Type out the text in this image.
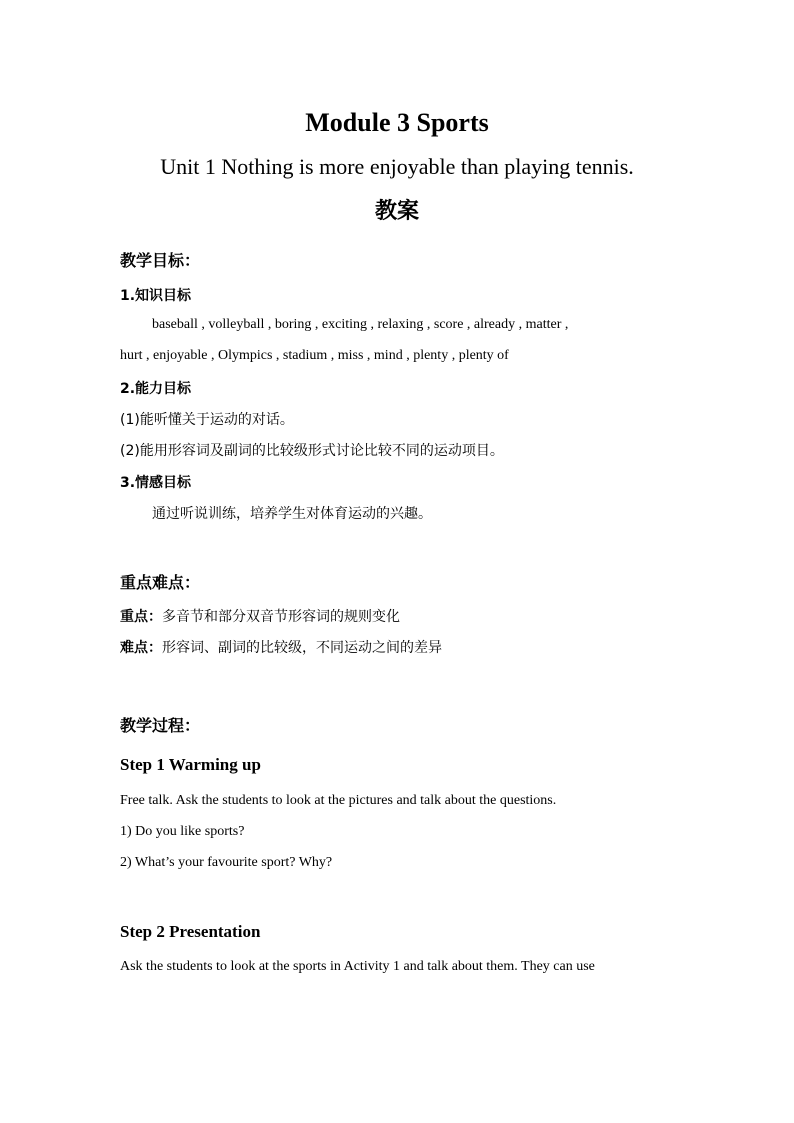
Module 3 Sports
Unit 1 Nothing is more enjoyable than playing tennis.
教案
教学目标：
1.知识目标
baseball , volleyball , boring , exciting , relaxing , score , already , matter ,
hurt , enjoyable , Olympics , stadium , miss , mind , plenty , plenty of
2.能力目标
(1)能听懂关于运动的对话。
(2)能用形容词及副词的比较级形式讨论比较不同的运动项目。
3.情感目标
通过听说训练，培养学生对体育运动的兴趣。
重点难点：
重点：多音节和部分双音节形容词的规则变化
难点：形容词、副词的比较级，不同运动之间的差异
教学过程：
Step 1 Warming up
Free talk. Ask the students to look at the pictures and talk about the questions.
1) Do you like sports?
2) What’s your favourite sport? Why?
Step 2 Presentation
Ask the students to look at the sports in Activity 1 and talk about them. They can use
